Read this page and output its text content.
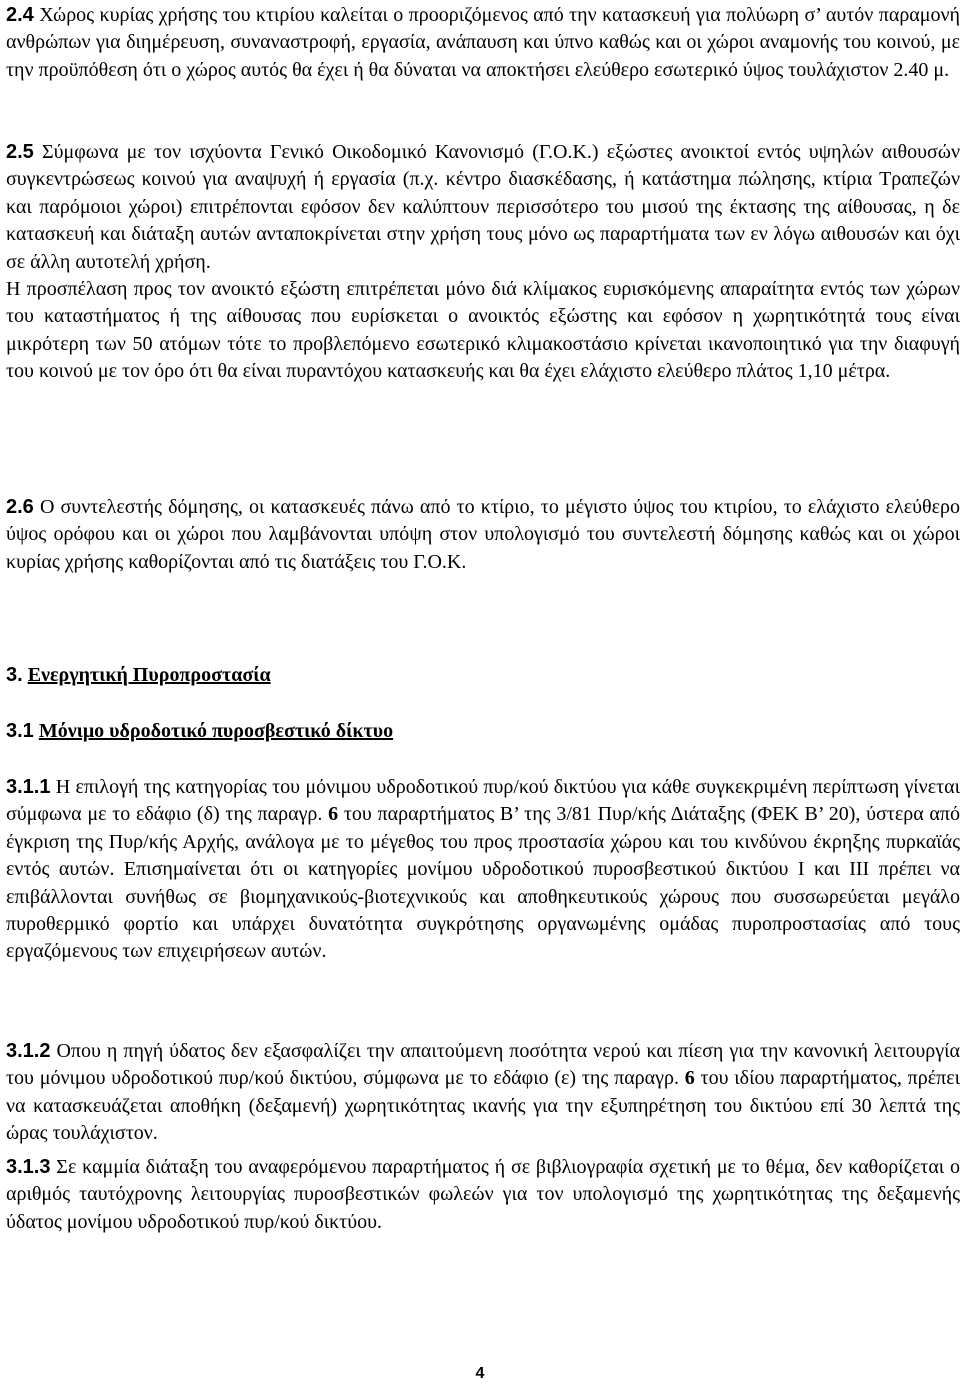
2.4 Χώρος κυρίας χρήσης του κτιρίου καλείται ο προοριζόμενος από την κατασκευή για πολύωρη σ’ αυτόν παραμονή ανθρώπων για διημέρευση, συναναστροφή, εργασία, ανάπαυση και ύπνο καθώς και οι χώροι αναμονής του κοινού, με την προϋπόθεση ότι ο χώρος αυτός θα έχει ή θα δύναται να αποκτήσει ελεύθερο εσωτερικό ύψος τουλάχιστον 2.40 μ.

2.5 Σύμφωνα με τον ισχύοντα Γενικό Οικοδομικό Κανονισμό (Γ.Ο.Κ.) εξώστες ανοικτοί εντός υψηλών αιθουσών συγκεντρώσεως κοινού για αναψυχή ή εργασία (π.χ. κέντρο διασκέδασης, ή κατάστημα πώλησης, κτίρια Τραπεζών και παρόμοιοι χώροι) επιτρέπονται εφόσον δεν καλύπτουν περισσότερο του μισού της έκτασης της αίθουσας, η δε κατασκευή και διάταξη αυτών ανταποκρίνεται στην χρήση τους μόνο ως παραρτήματα των εν λόγω αιθουσών και όχι σε άλλη αυτοτελή χρήση.
Η προσπέλαση προς τον ανοικτό εξώστη επιτρέπεται μόνο διά κλίμακος ευρισκόμενης απαραίτητα εντός των χώρων του καταστήματος ή της αίθουσας που ευρίσκεται ο ανοικτός εξώστης και εφόσον η χωρητικότητά τους είναι μικρότερη των 50 ατόμων τότε το προβλεπόμενο εσωτερικό κλιμακοστάσιο κρίνεται ικανοποιητικό για την διαφυγή του κοινού με τον όρο ότι θα είναι πυραντόχου κατασκευής και θα έχει ελάχιστο ελεύθερο πλάτος 1,10 μέτρα.

2.6 Ο συντελεστής δόμησης, οι κατασκευές πάνω από το κτίριο, το μέγιστο ύψος του κτιρίου, το ελάχιστο ελεύθερο ύψος ορόφου και οι χώροι που λαμβάνονται υπόψη στον υπολογισμό του συντελεστή δόμησης καθώς και οι χώροι κυρίας χρήσης καθορίζονται από τις διατάξεις του Γ.Ο.Κ.

3. Ενεργητική Πυροπροστασία

3.1 Μόνιμο υδροδοτικό πυροσβεστικό δίκτυο

3.1.1 Η επιλογή της κατηγορίας του μόνιμου υδροδοτικού πυρ/κού δικτύου για κάθε συγκεκριμένη περίπτωση γίνεται σύμφωνα με το εδάφιο (δ) της παραγρ. 6 του παραρτήματος Β’ της 3/81 Πυρ/κής Διάταξης (ΦΕΚ Β’ 20), ύστερα από έγκριση της Πυρ/κής Αρχής, ανάλογα με το μέγεθος του προς προστασία χώρου και του κινδύνου έκρηξης πυρκαϊάς εντός αυτών. Επισημαίνεται ότι οι κατηγορίες μονίμου υδροδοτικού πυροσβεστικού δικτύου Ι και ΙΙΙ πρέπει να επιβάλλονται συνήθως σε βιομηχανικούς-βιοτεχνικούς και αποθηκευτικούς χώρους που συσσωρεύεται μεγάλο πυροθερμικό φορτίο και υπάρχει δυνατότητα συγκρότησης οργανωμένης ομάδας πυροπροστασίας από τους εργαζόμενους των επιχειρήσεων αυτών.

3.1.2 Οπου η πηγή ύδατος δεν εξασφαλίζει την απαιτούμενη ποσότητα νερού και πίεση για την κανονική λειτουργία του μόνιμου υδροδοτικού πυρ/κού δικτύου, σύμφωνα με το εδάφιο (ε) της παραγρ. 6 του ιδίου παραρτήματος, πρέπει να κατασκευάζεται αποθήκη (δεξαμενή) χωρητικότητας ικανής για την εξυπηρέτηση του δικτύου επί 30 λεπτά της ώρας τουλάχιστον.

3.1.3 Σε καμμία διάταξη του αναφερόμενου παραρτήματος ή σε βιβλιογραφία σχετική με το θέμα, δεν καθορίζεται ο αριθμός ταυτόχρονης λειτουργίας πυροσβεστικών φωλεών για τον υπολογισμό της χωρητικότητας της δεξαμενής ύδατος μονίμου υδροδοτικού πυρ/κού δικτύου.

4
